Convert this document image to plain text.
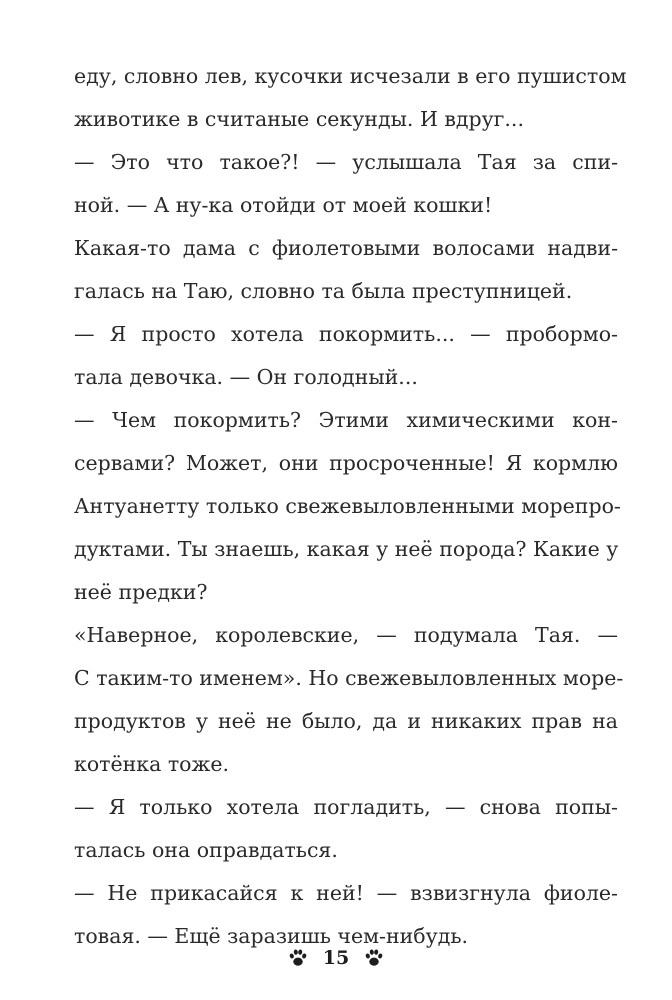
еду, словно лев, кусочки исчезали в его пушистом
животике в считаные секунды. И вдруг...
— Это что такое?! — услышала Тая за спи-
ной. — А ну-ка отойди от моей кошки!
Какая-то дама с фиолетовыми волосами надви-
галась на Таю, словно та была преступницей.
— Я просто хотела покормить... — пробормо-
тала девочка. — Он голодный...
— Чем покормить? Этими химическими кон-
сервами? Может, они просроченные! Я кормлю
Антуанетту только свежевыловленными морепро-
дуктами. Ты знаешь, какая у неё порода? Какие у
неё предки?
«Наверное, королевские, — подумала Тая. —
С таким-то именем». Но свежевыловленных море-
продуктов у неё не было, да и никаких прав на
котёнка тоже.
— Я только хотела погладить, — снова попы-
талась она оправдаться.
— Не прикасайся к ней! — взвизгнула фиоле-
товая. — Ещё заразишь чем-нибудь.
15
